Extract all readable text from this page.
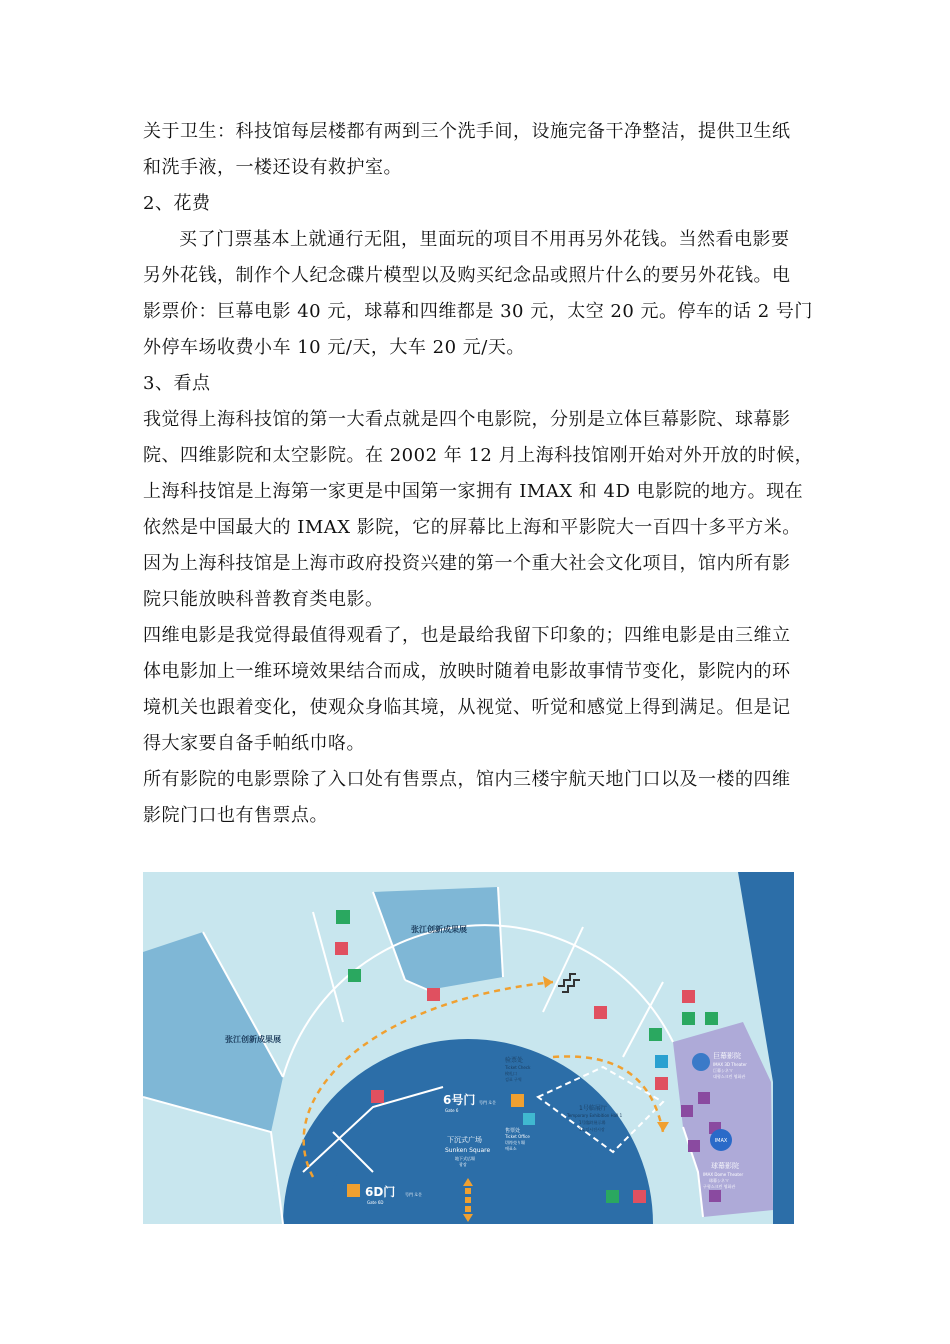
关于卫生：科技馆每层楼都有两到三个洗手间，设施完备干净整洁，提供卫生纸
和洗手液，一楼还设有救护室。
2、花费
买了门票基本上就通行无阻，里面玩的项目不用再另外花钱。当然看电影要
另外花钱，制作个人纪念碟片模型以及购买纪念品或照片什么的要另外花钱。电
影票价：巨幕电影 40 元，球幕和四维都是 30 元，太空 20 元。停车的话 2 号门
外停车场收费小车 10 元/天，大车 20 元/天。
3、看点
我觉得上海科技馆的第一大看点就是四个电影院，分别是立体巨幕影院、球幕影
院、四维影院和太空影院。在 2002 年 12 月上海科技馆刚开始对外开放的时候，
上海科技馆是上海第一家更是中国第一家拥有 IMAX 和 4D 电影院的地方。现在
依然是中国最大的 IMAX 影院，它的屏幕比上海和平影院大一百四十多平方米。
因为上海科技馆是上海市政府投资兴建的第一个重大社会文化项目，馆内所有影
院只能放映科普教育类电影。
四维电影是我觉得最值得观看了，也是最给我留下印象的；四维电影是由三维立
体电影加上一维环境效果结合而成，放映时随着电影故事情节变化，影院内的环
境机关也跟着变化，使观众身临其境，从视觉、听觉和感觉上得到满足。但是记
得大家要自备手帕纸巾咯。
所有影院的电影票除了入口处有售票点，馆内三楼宇航天地门口以及一楼的四维
影院门口也有售票点。
IMAX
张江创新成果展
张江创新成果展
巨幕影院
IMAX 3D Theater
巨幕シネマ
대형스크린 영화관
球幕影院
IMAX Dome Theater
球幕シネマ
구형스크린 영화관
验票处
Ticket Check
検札口
검표 구역
1号临展厅
Temporary Exhibition Hall 1
1号臨時展示場
1호임시전시장
6号门 号門 호문
Gate 6
售票处
Ticket Office
切符売り場
매표소
下沉式广场
Sunken Square
地下式広場
광장
6D门 号門 호문
Gate 6D
